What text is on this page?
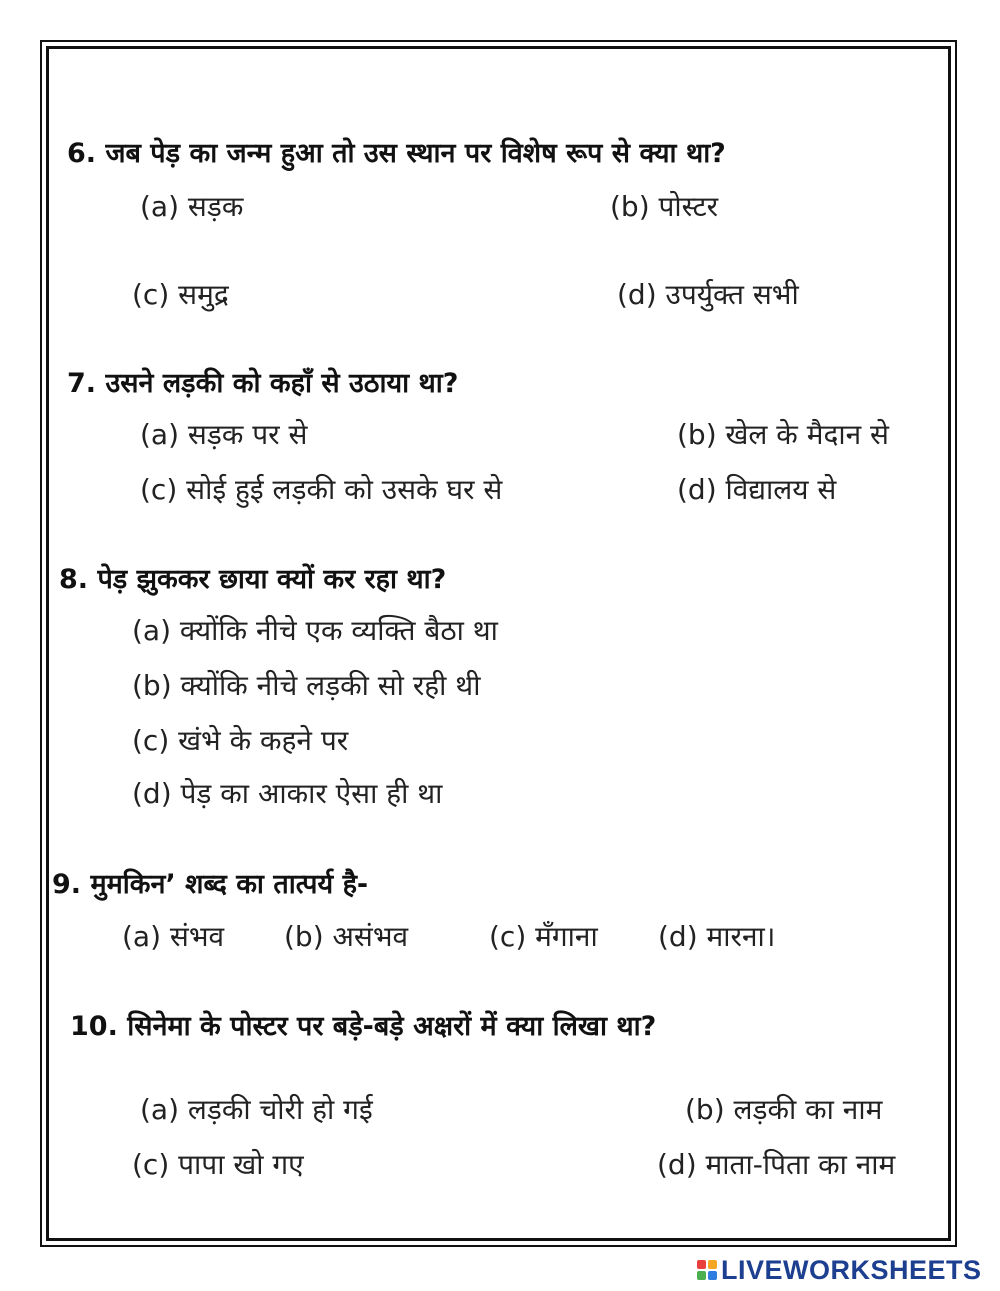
6. जब पेड़ का जन्म हुआ तो उस स्थान पर विशेष रूप से क्या था?
(a) सड़क	(b) पोस्टर
(c) समुद्र	(d) उपर्युक्त सभी
7. उसने लड़की को कहाँ से उठाया था?
(a) सड़क पर से	(b) खेल के मैदान से
(c) सोई हुई लड़की को उसके घर से	(d) विद्यालय से
8. पेड़ झुककर छाया क्यों कर रहा था?
(a) क्योंकि नीचे एक व्यक्ति बैठा था
(b) क्योंकि नीचे लड़की सो रही थी
(c) खंभे के कहने पर
(d) पेड़ का आकार ऐसा ही था
9. मुमकिन’ शब्द का तात्पर्य है-
(a) संभव (b) असंभव	(c) मँगाना (d) मारना।
10. सिनेमा के पोस्टर पर बड़े-बड़े अक्षरों में क्या लिखा था?
(a) लड़की चोरी हो गई	(b) लड़की का नाम
(c) पापा खो गए	(d) माता-पिता का नाम
LIVEWORKSHEETS
